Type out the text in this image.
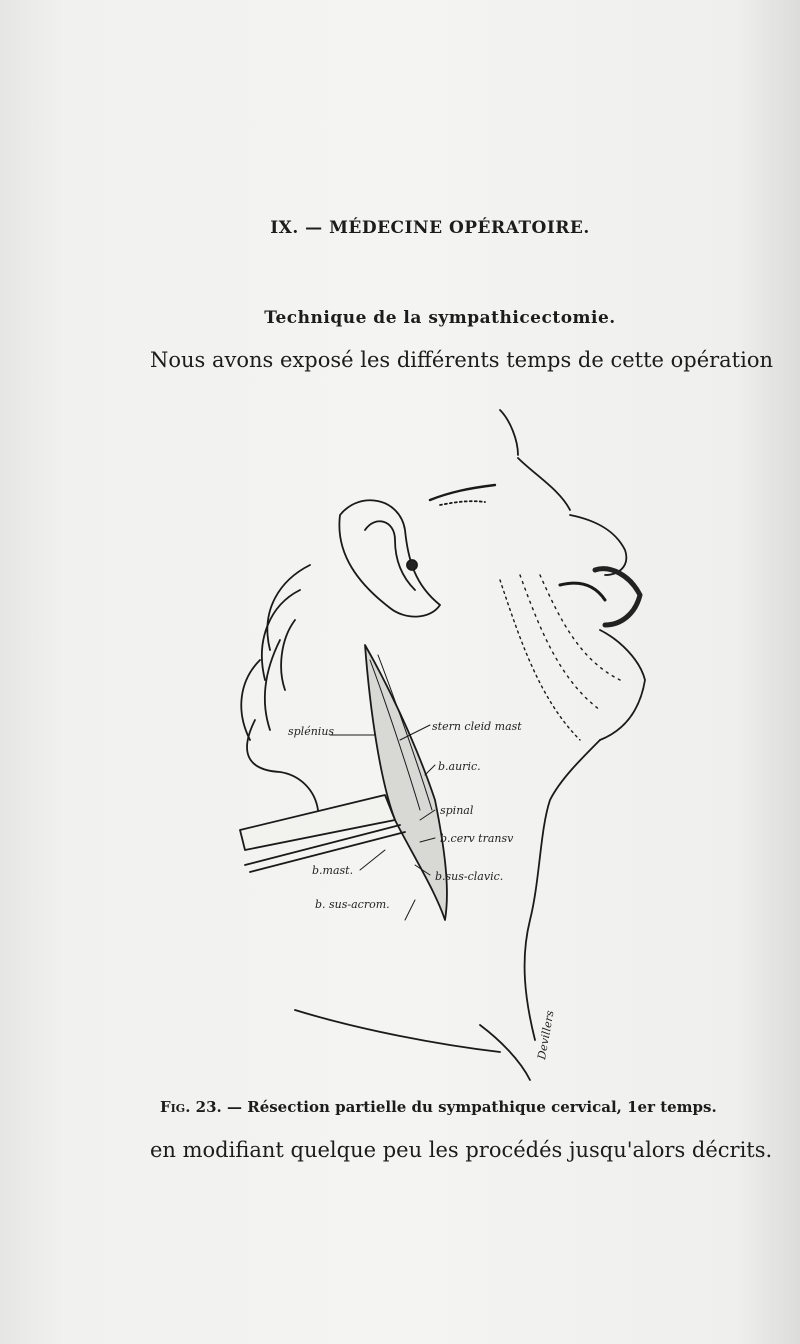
IX. — MÉDECINE OPÉRATOIRE.
Technique de la sympathicectomie.
Nous avons exposé les différents temps de cette opération
splénius	stern cleid mast
b.auric.
spinal
b.cerv transv
b.mast.	b.sus-clavic.
b. sus-acrom.
Devillers
Fig. 23. — Résection partielle du sympathique cervical, 1er temps.
en modifiant quelque peu les procédés jusqu'alors décrits.
